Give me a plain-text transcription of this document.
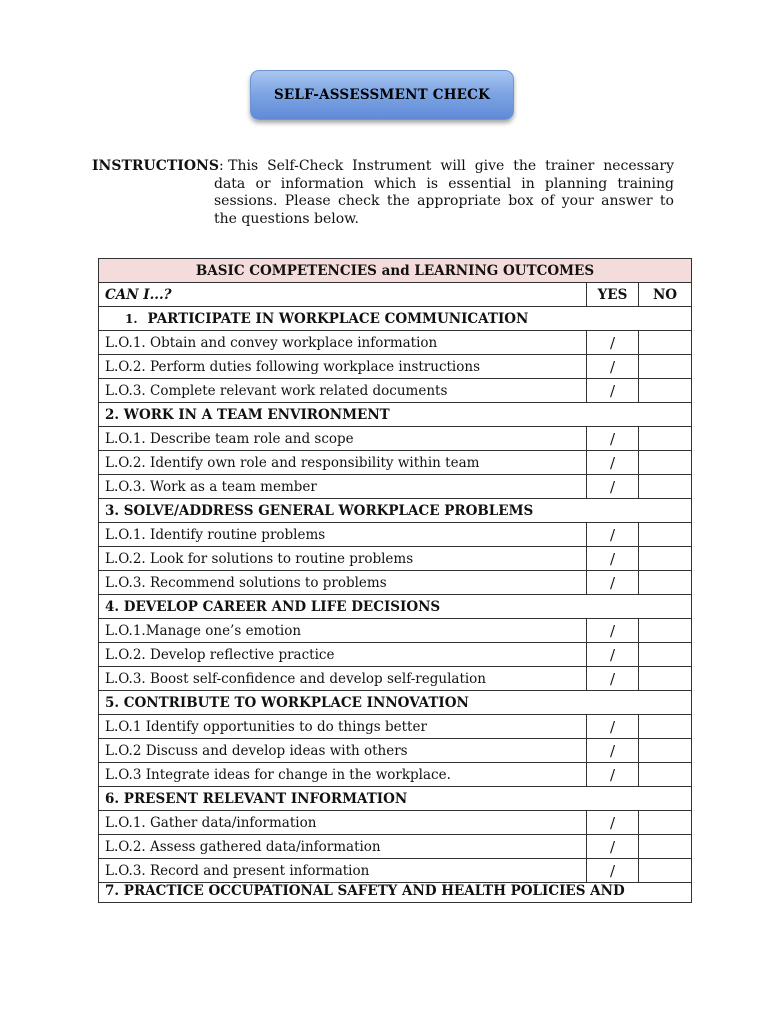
SELF-ASSESSMENT CHECK
INSTRUCTIONS :
This Self-Check Instrument will give the trainer necessary
data or information which is essential in planning training sessions. Please check the appropriate box of your answer to the questions below.
BASIC COMPETENCIES and LEARNING OUTCOMES		
CAN I...?	YES	NO
1. PARTICIPATE IN WORKPLACE COMMUNICATION		
L.O.1. Obtain and convey workplace information	/	
L.O.2. Perform duties following workplace instructions	/	
L.O.3. Complete relevant work related documents	/	
2. WORK IN A TEAM ENVIRONMENT		
L.O.1. Describe team role and scope	/	
L.O.2. Identify own role and responsibility within team	/	
L.O.3. Work as a team member	/	
3. SOLVE/ADDRESS GENERAL WORKPLACE PROBLEMS		
L.O.1. Identify routine problems	/	
L.O.2. Look for solutions to routine problems	/	
L.O.3. Recommend solutions to problems	/	
4. DEVELOP CAREER AND LIFE DECISIONS		
L.O.1.Manage one’s emotion	/	
L.O.2. Develop reflective practice	/	
L.O.3. Boost self-confidence and develop self-regulation	/	
5. CONTRIBUTE TO WORKPLACE INNOVATION		
L.O.1 Identify opportunities to do things better	/	
L.O.2 Discuss and develop ideas with others	/	
L.O.3 Integrate ideas for change in the workplace.	/	
6. PRESENT RELEVANT INFORMATION		
L.O.1. Gather data/information	/	
L.O.2. Assess gathered data/information	/	
L.O.3. Record and present information	/	
7. PRACTICE OCCUPATIONAL SAFETY AND HEALTH POLICIES AND		
